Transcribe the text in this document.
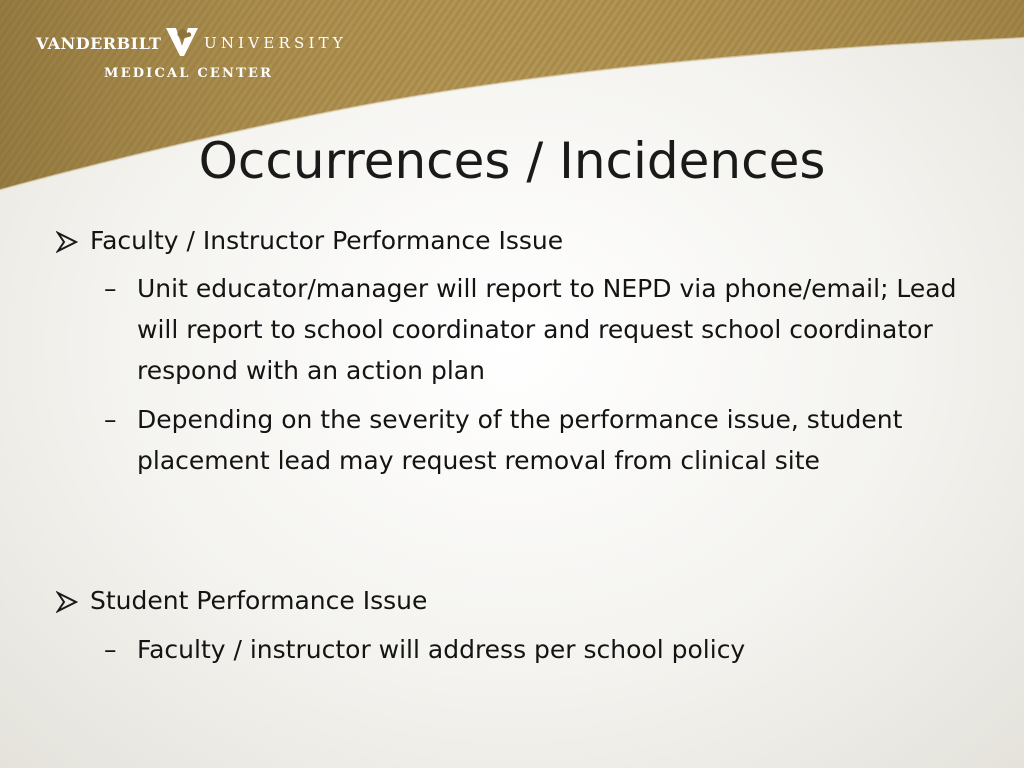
VANDERBILT	UNIVERSITY
MEDICAL CENTER
Occurrences / Incidences
Faculty / Instructor Performance Issue
– Unit educator/manager will report to NEPD via phone/email; Lead will report to school coordinator and request school coordinator respond with an action plan
– Depending on the severity of the performance issue, student placement lead may request removal from clinical site
Student Performance Issue
– Faculty / instructor will address per school policy
